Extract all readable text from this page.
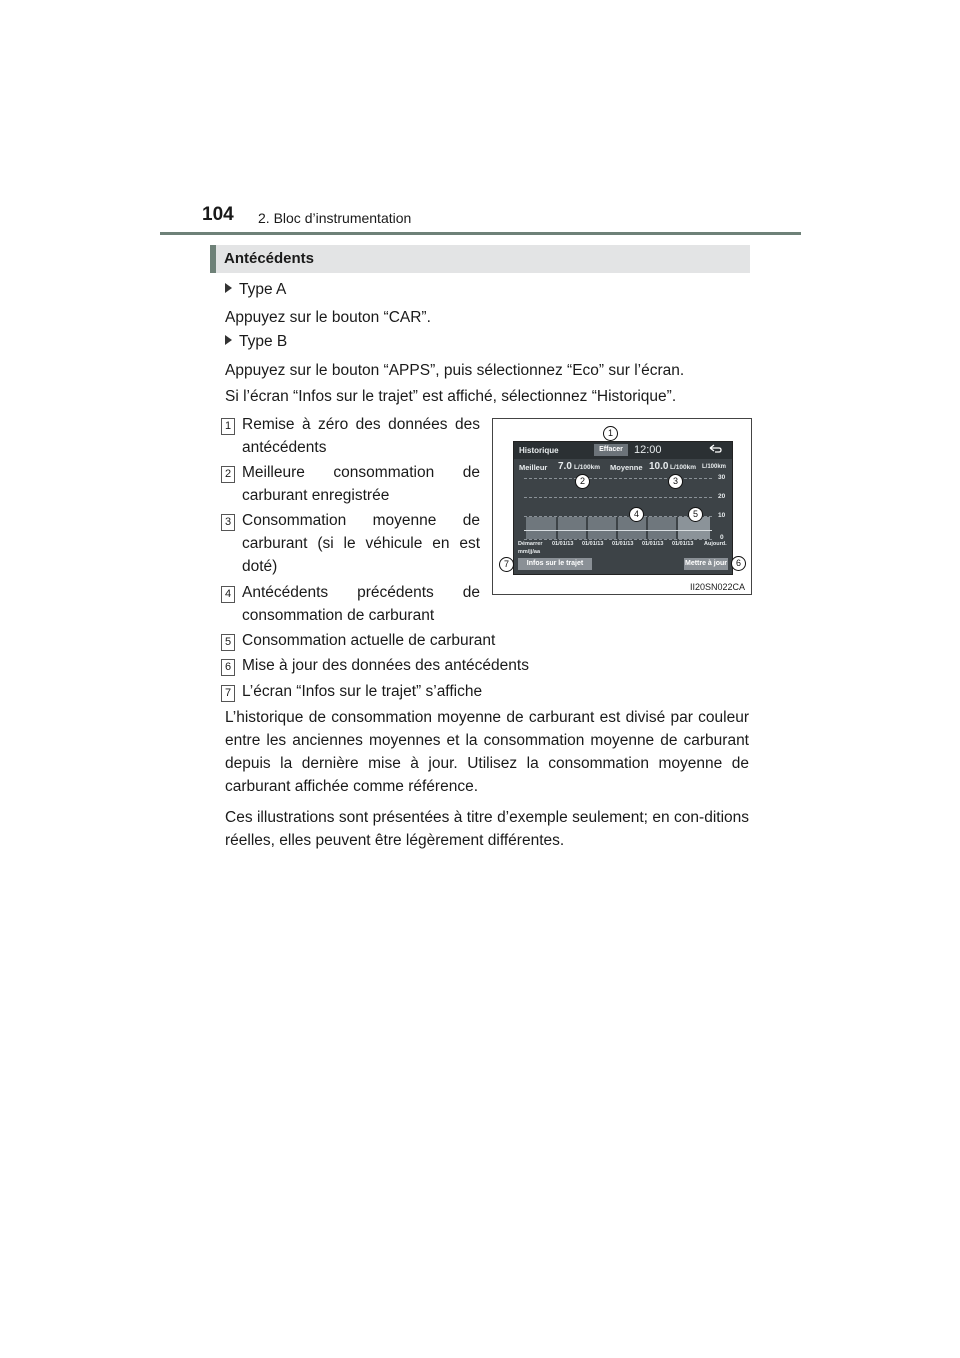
104 2. Bloc d’instrumentation
Antécédents
Type A
Appuyez sur le bouton “CAR”.
Type B
Appuyez sur le bouton “APPS”, puis sélectionnez “Eco” sur l’écran.
Si l’écran “Infos sur le trajet” est affiché, sélectionnez “Historique”.
1 Remise à zéro des données des antécédents
2 Meilleure consommation de carburant enregistrée
3 Consommation moyenne de carburant (si le véhicule en est doté)
4 Antécédents précédents de consommation de carburant
5 Consommation actuelle de carburant
6 Mise à jour des données des antécédents
7 L’écran “Infos sur le trajet” s’affiche
L’historique de consommation moyenne de carburant est divisé par couleur entre les anciennes moyennes et la consommation moyenne de carburant depuis la dernière mise à jour. Utilisez la consommation moyenne de carburant affichée comme référence.
Ces illustrations sont présentées à titre d’exemple seulement; en con-ditions réelles, elles peuvent être légèrement différentes.
Historique	Effacer	12:00
Meilleur 7.0 L/100km Moyenne 10.0 L/100km L/100km
30
20
10
0
Démarrer 01/01/13 01/01/13 01/01/13 01/01/13 01/01/13 Aujourd.
mm/jj/aa
Infos sur le trajet	Mettre à jour
1
2	3
4	5
6
7
II20SN022CA
